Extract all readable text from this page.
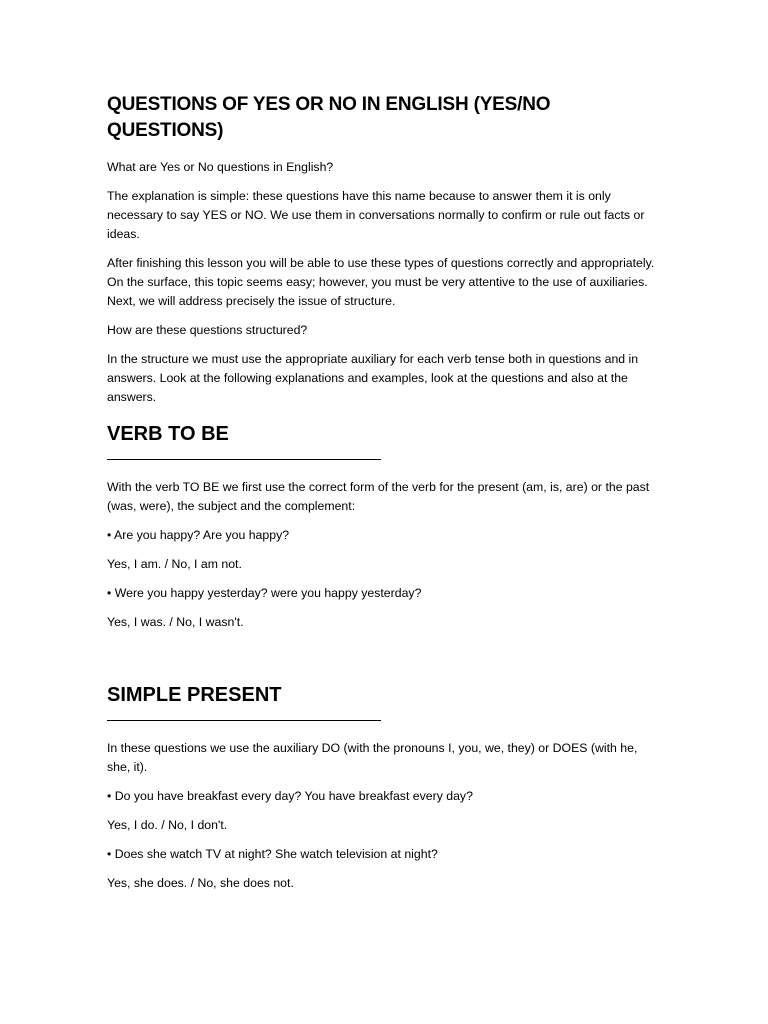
QUESTIONS OF YES OR NO IN ENGLISH (YES/NO QUESTIONS)

What are Yes or No questions in English?

The explanation is simple: these questions have this name because to answer them it is only necessary to say YES or NO. We use them in conversations normally to confirm or rule out facts or ideas.

After finishing this lesson you will be able to use these types of questions correctly and appropriately. On the surface, this topic seems easy; however, you must be very attentive to the use of auxiliaries. Next, we will address precisely the issue of structure.

How are these questions structured?

In the structure we must use the appropriate auxiliary for each verb tense both in questions and in answers. Look at the following explanations and examples, look at the questions and also at the answers.

VERB TO BE

With the verb TO BE we first use the correct form of the verb for the present (am, is, are) or the past (was, were), the subject and the complement:

• Are you happy? Are you happy?

Yes, I am. / No, I am not.

• Were you happy yesterday? were you happy yesterday?

Yes, I was. / No, I wasn't.

SIMPLE PRESENT

In these questions we use the auxiliary DO (with the pronouns I, you, we, they) or DOES (with he, she, it).

• Do you have breakfast every day? You have breakfast every day?

Yes, I do. / No, I don't.

• Does she watch TV at night? She watch television at night?

Yes, she does. / No, she does not.
